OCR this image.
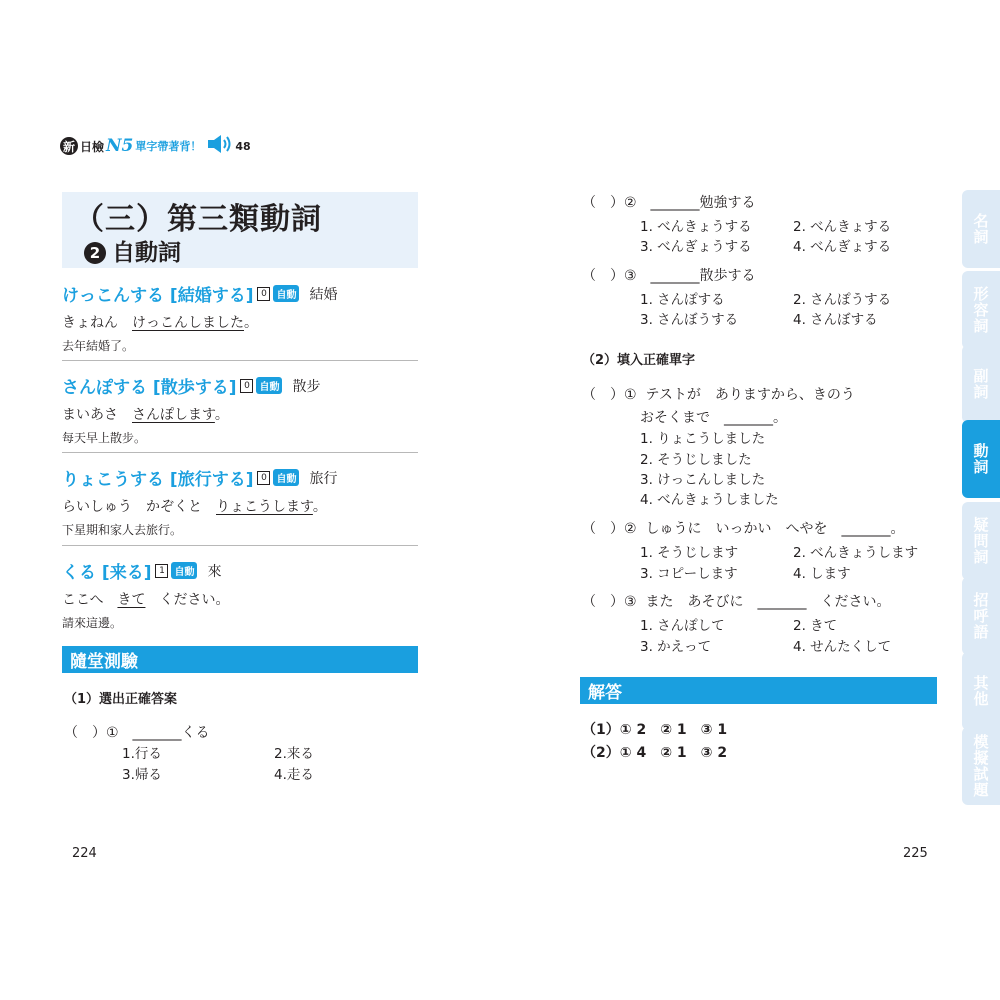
新 日檢 N5 單字帶著背！	48
（三）第三類動詞
2 自動詞
けっこんする [結婚する] 0 自動 結婚
きょねん　けっこんしました。
去年結婚了。
さんぽする [散歩する] 0 自動 散步
まいあさ　さんぽします。
每天早上散步。
りょこうする [旅行する] 0 自動 旅行
らいしゅう　かぞくと　りょこうします。
下星期和家人去旅行。
くる [来る] 1 自動 來
ここへ　きて　ください。
請來這邊。
隨堂測驗
（1）選出正確答案
（　）①　_______くる
1.行る	2.来る
3.帰る	4.走る
224
（　）②　_______勉強する
1. べんきょうする	2. べんきょする
3. べんぎょうする	4. べんぎょする
（　）③　_______散歩する
1. さんぽする	2. さんぽうする
3. さんぼうする	4. さんぼする
（2）填入正確單字
（　）①  テストが　ありますから、きのう
おそくまで　_______。
1. りょこうしました
2. そうじしました
3. けっこんしました
4. べんきょうしました
（　）②  しゅうに　いっかい　へやを　_______。
1. そうじします	2. べんきょうします
3. コピーします	4. します
（　）③  また　あそびに　_______　ください。
1. さんぽして	2. きて
3. かえって	4. せんたくして
解答
（1）① 2　② 1　③ 1
（2）① 4　② 1　③ 2
225
名詞
形容詞
副詞
動詞
疑問詞
招呼語
其他
模擬試題
